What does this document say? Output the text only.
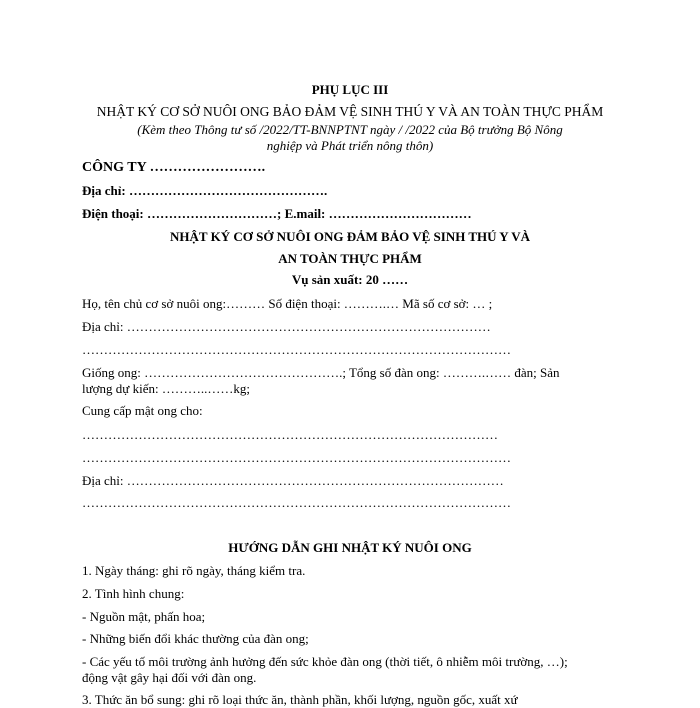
PHỤ LỤC III
NHẬT KÝ CƠ SỞ NUÔI ONG BẢO ĐẢM VỆ SINH THÚ Y VÀ AN TOÀN THỰC PHẨM
(Kèm theo Thông tư số /2022/TT-BNNPTNT ngày / /2022 của Bộ trưởng Bộ Nông
nghiệp và Phát triển nông thôn)
CÔNG TY …………………….
Địa chỉ: ……………………………………….
Điện thoại: …………………………; E.mail: ……………………………
NHẬT KÝ CƠ SỞ NUÔI ONG ĐẢM BẢO VỆ SINH THÚ Y VÀ
AN TOÀN THỰC PHẨM
Vụ sản xuất: 20 ……
Họ, tên chủ cơ sở nuôi ong:……… Số điện thoại: ……….… Mã số cơ sở: … ;
Địa chỉ: …………………………………………………………………………
………………………………………………………………………………………
Giống ong: ……………………………………….; Tổng số đàn ong: ……….…… đàn; Sản
lượng dự kiến: ………..……kg;
Cung cấp mật ong cho:
……………………………………………………………………………………
………………………………………………………………………………………
Địa chỉ: ……………………………………………………………………………
………………………………………………………………………………………
HƯỚNG DẪN GHI NHẬT KÝ NUÔI ONG
1. Ngày tháng: ghi rõ ngày, tháng kiểm tra.
2. Tình hình chung:
- Nguồn mật, phấn hoa;
- Những biến đổi khác thường của đàn ong;
- Các yếu tố môi trường ảnh hưởng đến sức khỏe đàn ong (thời tiết, ô nhiễm môi trường, …);
động vật gây hại đối với đàn ong.
3. Thức ăn bổ sung: ghi rõ loại thức ăn, thành phần, khối lượng, nguồn gốc, xuất xứ
